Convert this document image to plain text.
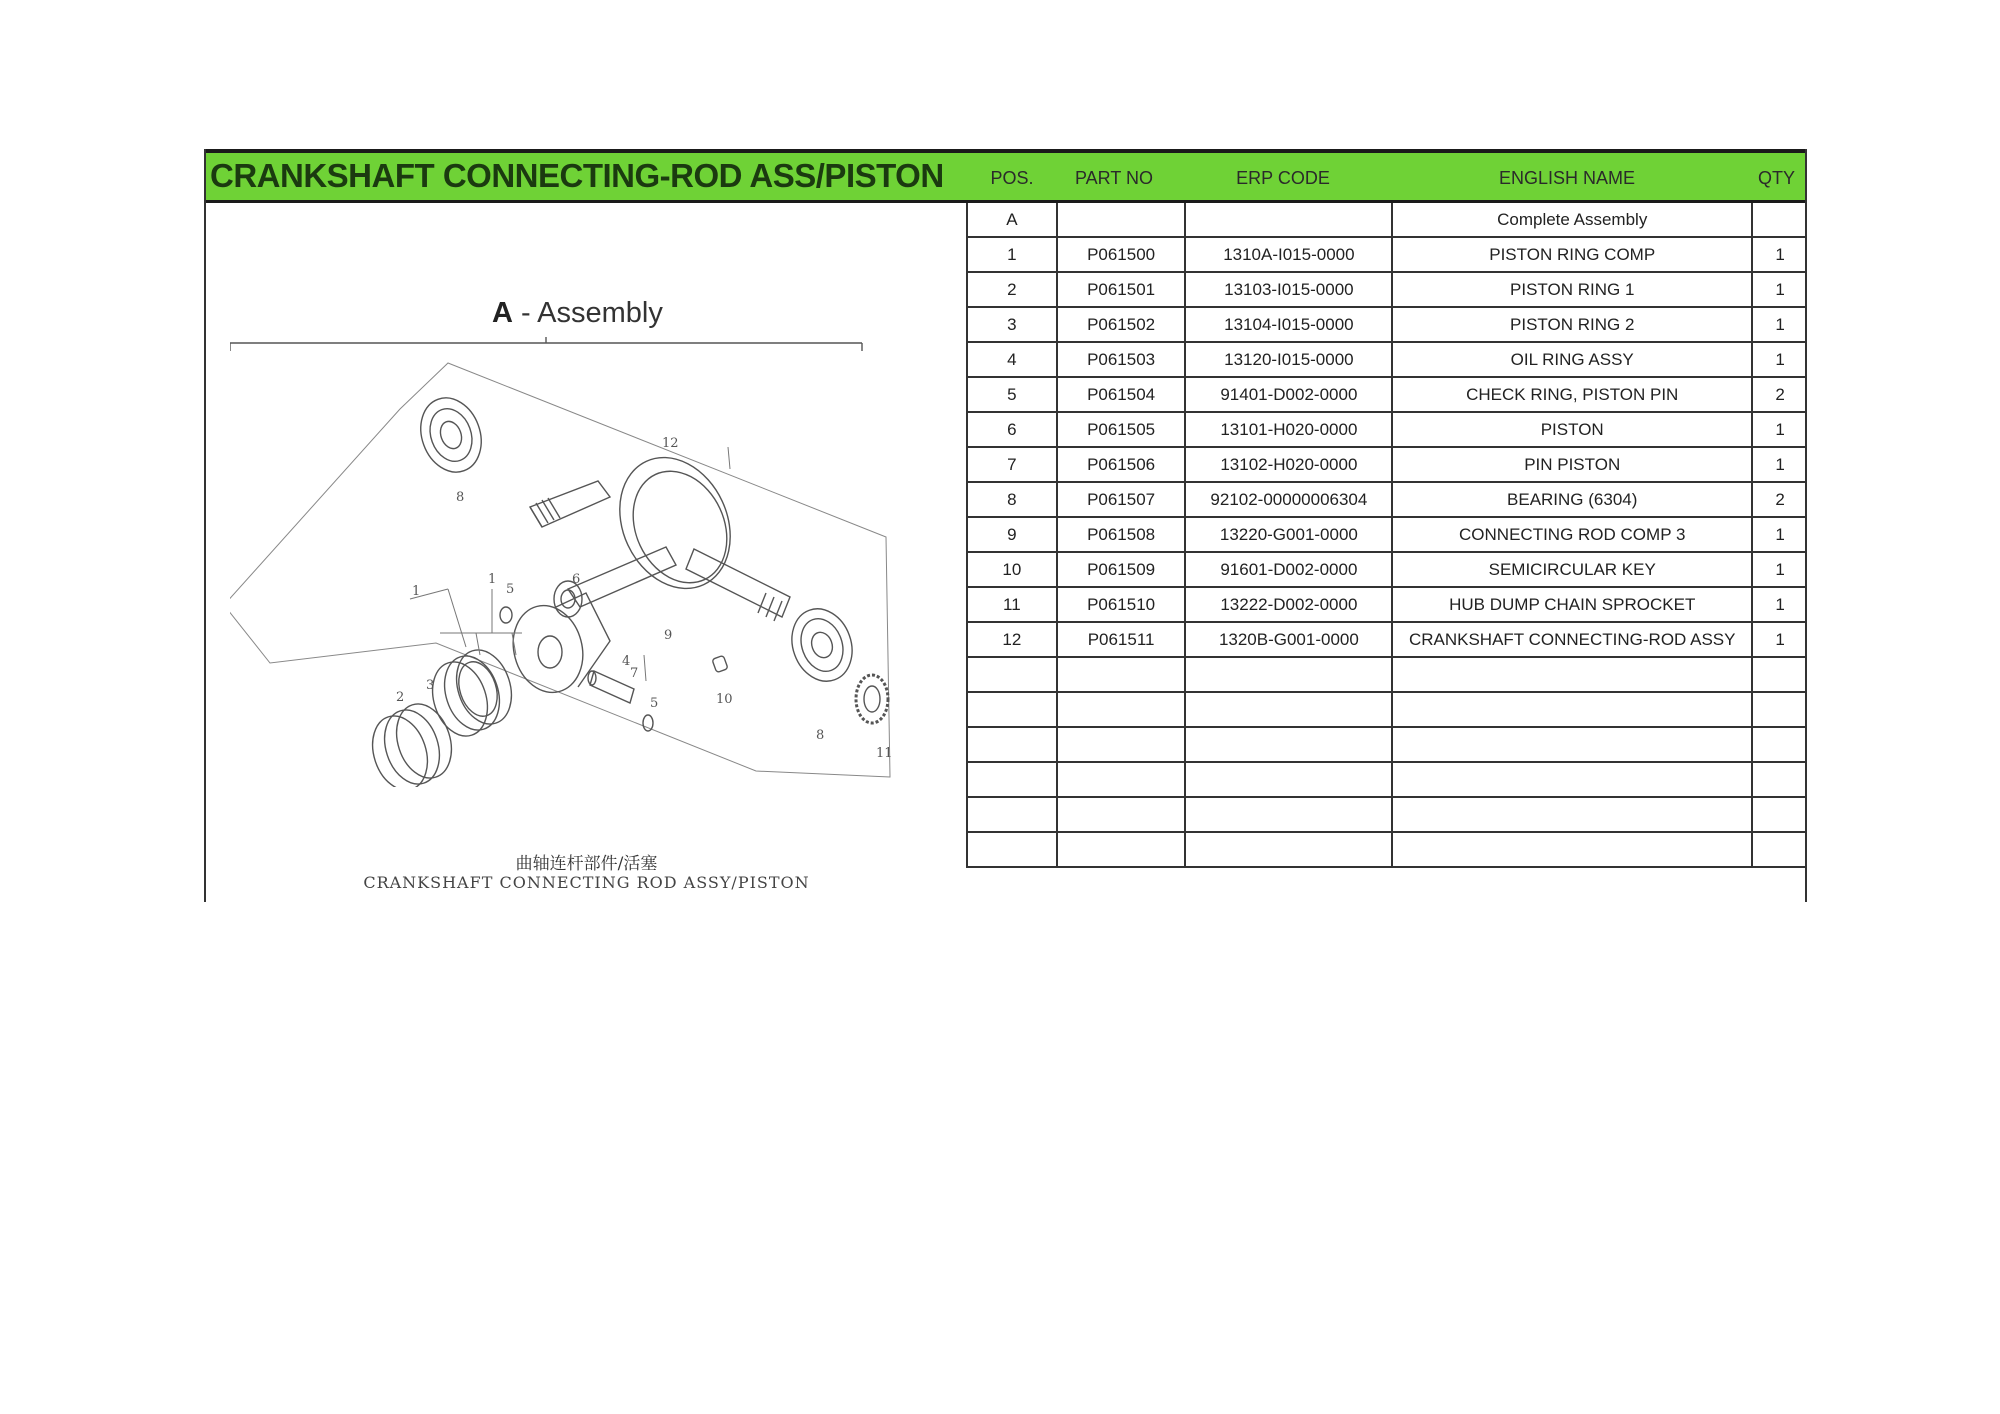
CRANKSHAFT CONNECTING-ROD ASS/PISTON	POS.	PART NO	ERP CODE	ENGLISH NAME	QTY
A - Assembly
1
1
2
3
4
5
5
6
7
8
8
9
10
11
12
曲轴连杆部件/活塞
CRANKSHAFT CONNECTING ROD ASSY/PISTON
A			Complete Assembly	
1	P061500	1310A-I015-0000	PISTON RING COMP	1
2	P061501	13103-I015-0000	PISTON RING 1	1
3	P061502	13104-I015-0000	PISTON RING 2	1
4	P061503	13120-I015-0000	OIL RING ASSY	1
5	P061504	91401-D002-0000	CHECK RING, PISTON PIN	2
6	P061505	13101-H020-0000	PISTON	1
7	P061506	13102-H020-0000	PIN PISTON	1
8	P061507	92102-00000006304	BEARING (6304)	2
9	P061508	13220-G001-0000	CONNECTING ROD COMP 3	1
10	P061509	91601-D002-0000	SEMICIRCULAR KEY	1
11	P061510	13222-D002-0000	HUB DUMP CHAIN SPROCKET	1
12	P061511	1320B-G001-0000	CRANKSHAFT CONNECTING-ROD ASSY	1
